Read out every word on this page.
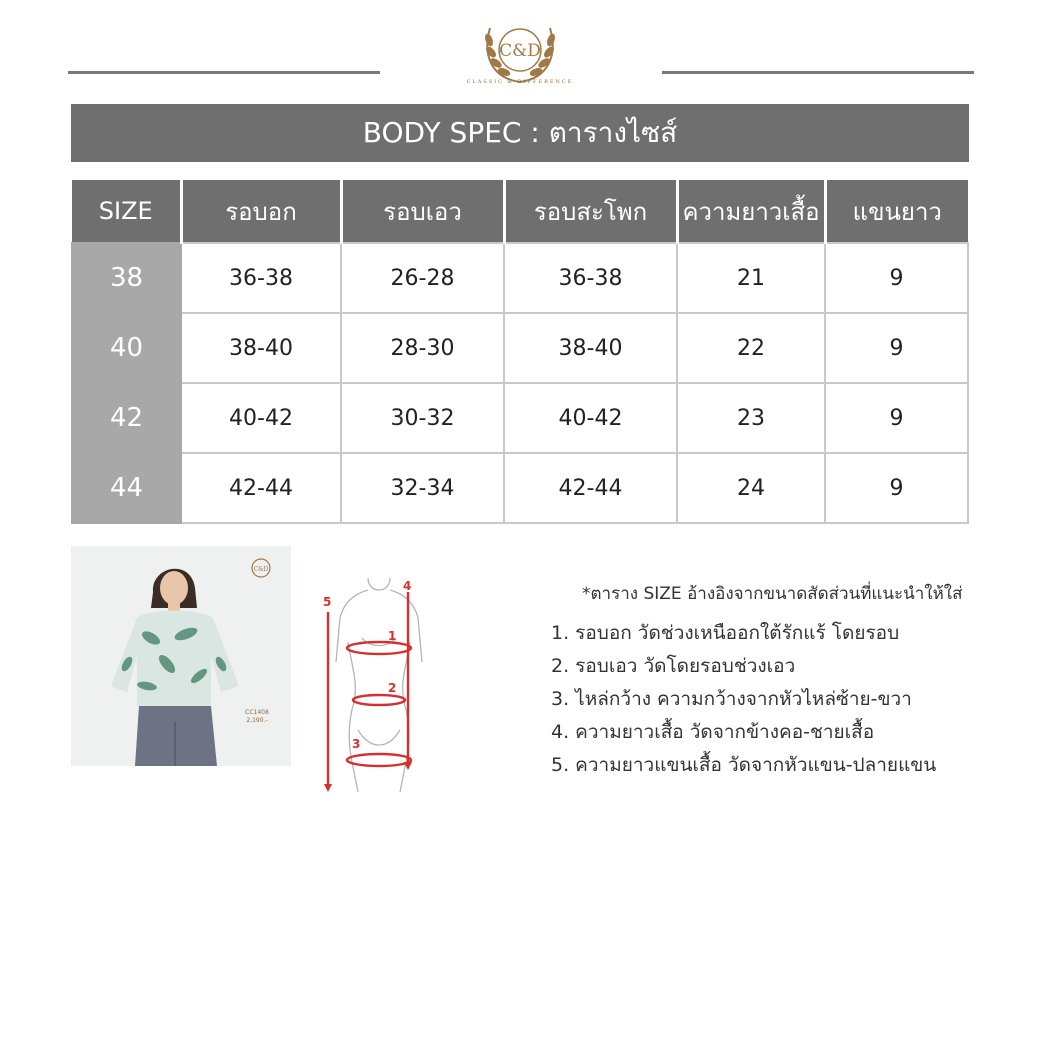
C&D
CLASSIC & DIFFERENCE
BODY SPEC : ตารางไซส์
SIZE	รอบอก	รอบเอว	รอบสะโพก	ความยาวเสื้อ	แขนยาว
38	36-38	26-28	36-38	21	9
40	38-40	28-30	38-40	22	9
42	40-42	30-32	40-42	23	9
44	42-44	32-34	42-44	24	9
C&D
CC1408
2,190.-
1
2
3
4
5	*ตาราง SIZE อ้างอิงจากขนาดสัดส่วนที่แนะนำให้ใส่
1. รอบอก วัดช่วงเหนืออกใต้รักแร้ โดยรอบ
2. รอบเอว วัดโดยรอบช่วงเอว
3. ไหล่กว้าง ความกว้างจากหัวไหล่ซ้าย-ขวา
4. ความยาวเสื้อ วัดจากข้างคอ-ชายเสื้อ
5. ความยาวแขนเสื้อ วัดจากหัวแขน-ปลายแขน
